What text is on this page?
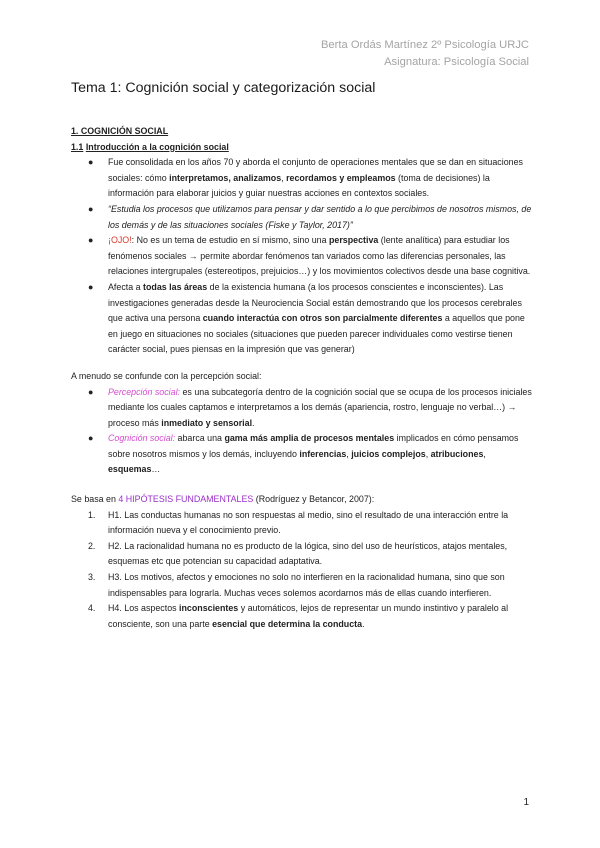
Berta Ordás Martínez 2º Psicología URJC
Asignatura: Psicología Social
Tema 1: Cognición social y categorización social

1. COGNICIÓN SOCIAL

1.1 Introducción a la cognición social

● Fue consolidada en los años 70 y aborda el conjunto de operaciones mentales que se dan en situaciones sociales: cómo interpretamos, analizamos, recordamos y empleamos (toma de decisiones) la información para elaborar juicios y guiar nuestras acciones en contextos sociales.
● “Estudia los procesos que utilizamos para pensar y dar sentido a lo que percibimos de nosotros mismos, de los demás y de las situaciones sociales (Fiske y Taylor, 2017)”
● ¡OJO!: No es un tema de estudio en sí mismo, sino una perspectiva (lente analítica) para estudiar los fenómenos sociales → permite abordar fenómenos tan variados como las diferencias personales, las relaciones intergrupales (estereotipos, prejuicios…) y los movimientos colectivos desde una base cognitiva.
● Afecta a todas las áreas de la existencia humana (a los procesos conscientes e inconscientes). Las investigaciones generadas desde la Neurociencia Social están demostrando que los procesos cerebrales que activa una persona cuando interactúa con otros son parcialmente diferentes a aquellos que pone en juego en situaciones no sociales (situaciones que pueden parecer individuales como vestirse tienen carácter social, pues piensas en la impresión que vas generar)

A menudo se confunde con la percepción social:

● Percepción social: es una subcategoría dentro de la cognición social que se ocupa de los procesos iniciales mediante los cuales captamos e interpretamos a los demás (apariencia, rostro, lenguaje no verbal…) → proceso más inmediato y sensorial.
● Cognición social: abarca una gama más amplia de procesos mentales implicados en cómo pensamos sobre nosotros mismos y los demás, incluyendo inferencias, juicios complejos, atribuciones, esquemas…

Se basa en 4 HIPÓTESIS FUNDAMENTALES (Rodríguez y Betancor, 2007):

1. H1. Las conductas humanas no son respuestas al medio, sino el resultado de una interacción entre la información nueva y el conocimiento previo.
2. H2. La racionalidad humana no es producto de la lógica, sino del uso de heurísticos, atajos mentales, esquemas etc que potencian su capacidad adaptativa.
3. H3. Los motivos, afectos y emociones no solo no interfieren en la racionalidad humana, sino que son indispensables para lograrla. Muchas veces solemos acordarnos más de ellas cuando interfieren.
4. H4. Los aspectos inconscientes y automáticos, lejos de representar un mundo instintivo y paralelo al consciente, son una parte esencial que determina la conducta.
1
